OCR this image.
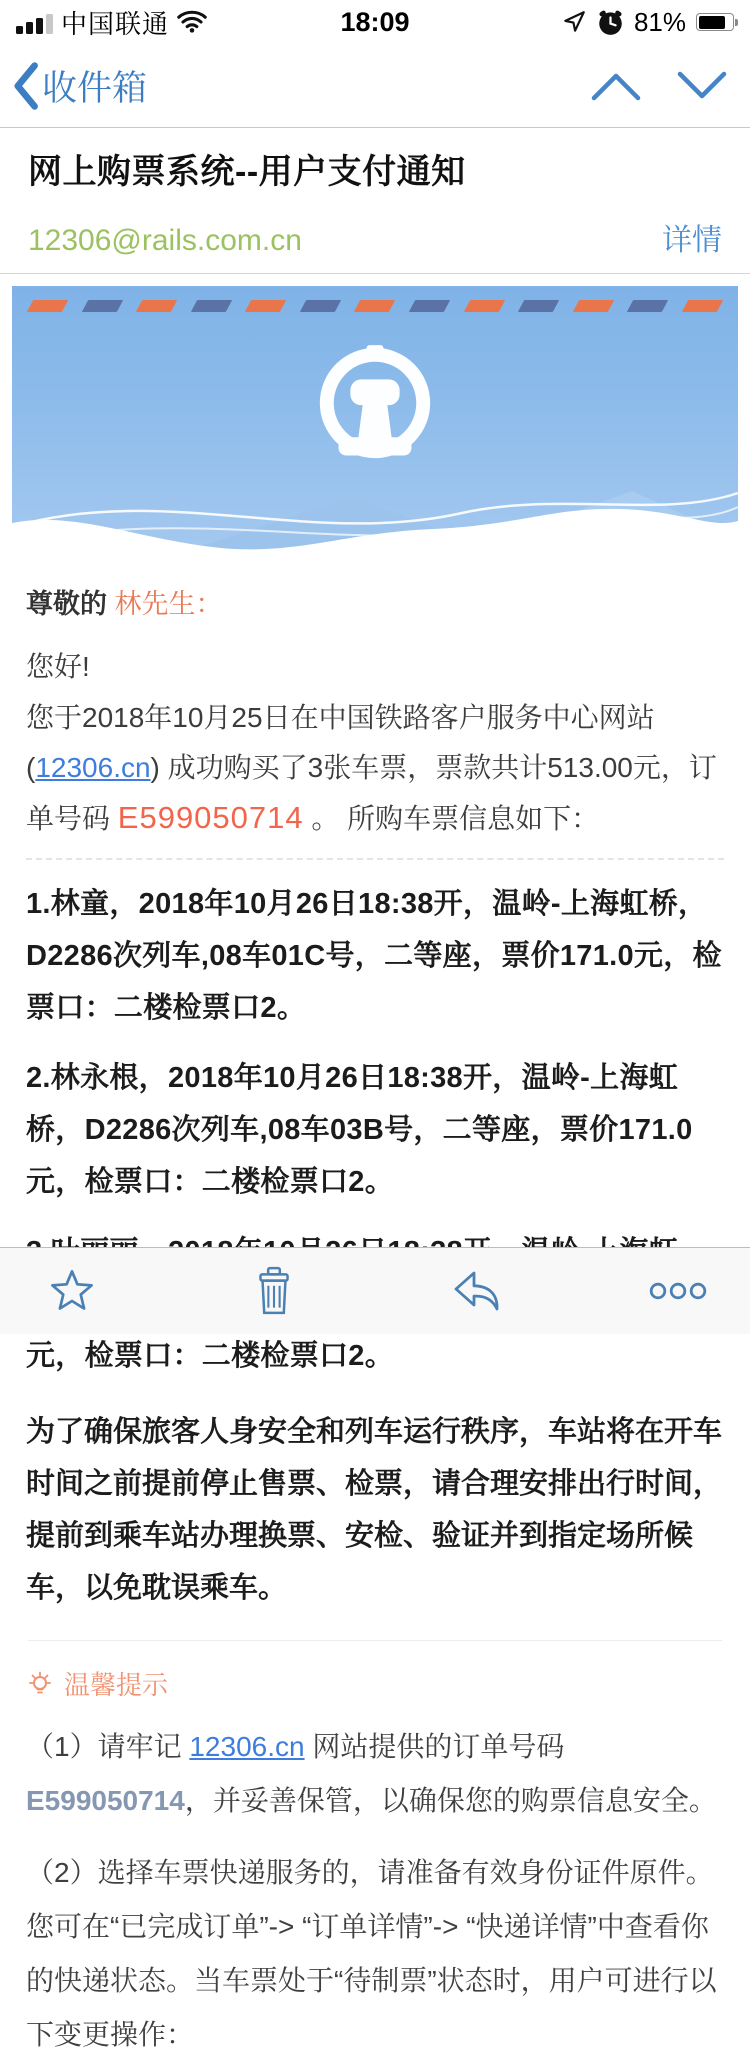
中国联通	18:09	81%
收件箱
网上购票系统--用户支付通知
12306@rails.com.cn	详情
尊敬的 林先生：
您好!
您于2018年10月25日在中国铁路客户服务中心网站(12306.cn) 成功购买了3张车票，票款共计513.00元，订单号码 E599050714 。 所购车票信息如下：

1.林童，2018年10月26日18:38开，温岭-上海虹桥，D2286次列车,08车01C号，二等座，票价171.0元，检票口：二楼检票口2。

2.林永根，2018年10月26日18:38开，温岭-上海虹桥，D2286次列车,08车03B号，二等座，票价171.0元，检票口：二楼检票口2。

元，检票口：二楼检票口2。

为了确保旅客人身安全和列车运行秩序，车站将在开车时间之前提前停止售票、检票，请合理安排出行时间，提前到乘车站办理换票、安检、验证并到指定场所候车，以免耽误乘车。

温馨提示

（1）请牢记 12306.cn 网站提供的订单号码 E599050714，并妥善保管，以确保您的购票信息安全。

（2）选择车票快递服务的，请准备有效身份证件原件。您可在“已完成订单”-> “订单详情”-> “快递详情”中查看你的快递状态。当车票处于“待制票”状态时，用户可进行以下变更操作：
